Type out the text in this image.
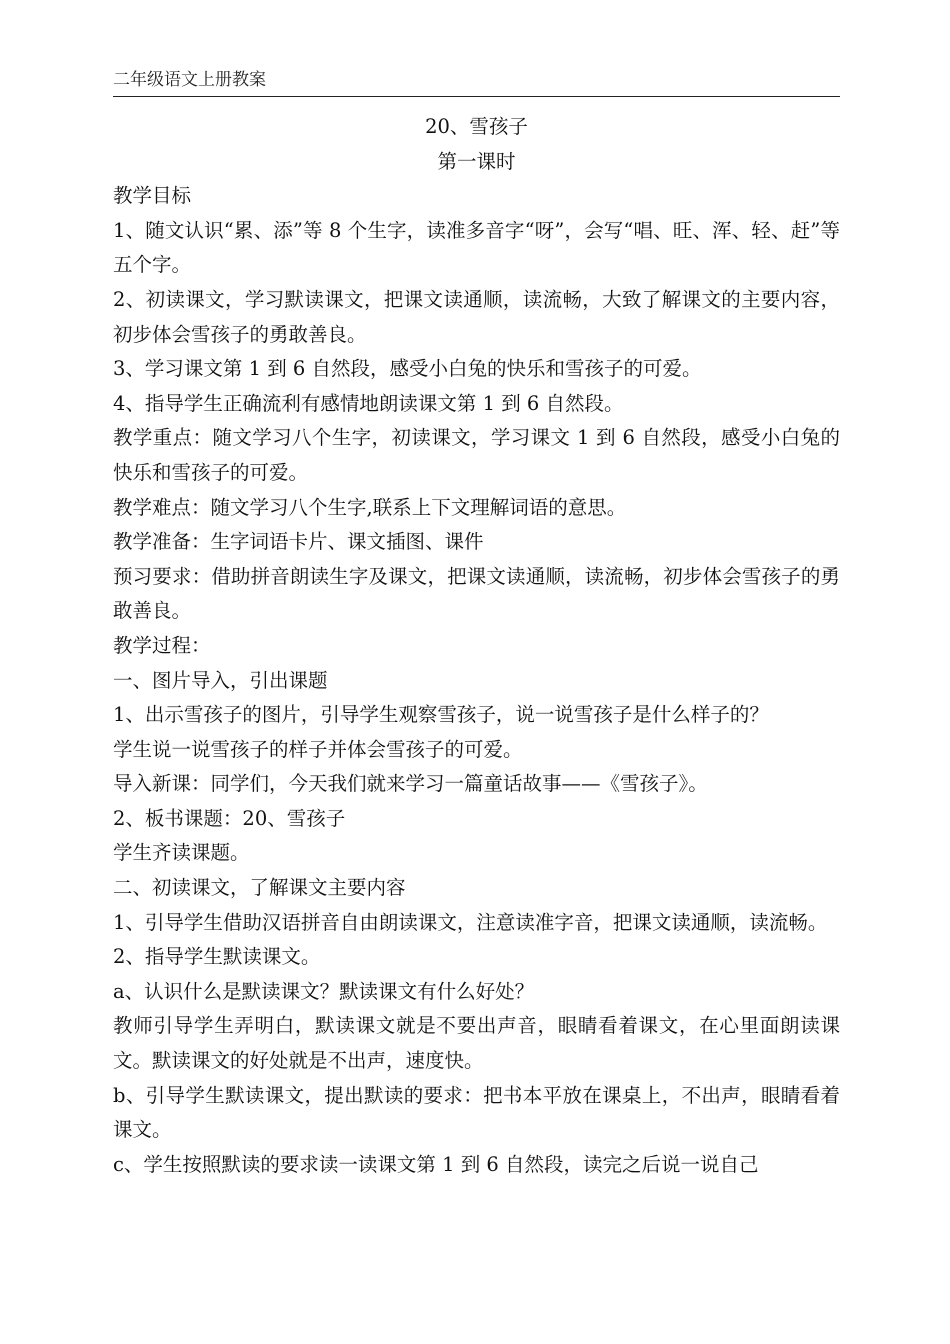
二年级语文上册教案

20、雪孩子

第一课时

教学目标

1、随文认识“累、添”等 8 个生字，读准多音字“呀”，会写“唱、旺、浑、轻、赶”等五个字。

2、初读课文，学习默读课文，把课文读通顺，读流畅，大致了解课文的主要内容，初步体会雪孩子的勇敢善良。

3、学习课文第 1 到 6 自然段，感受小白兔的快乐和雪孩子的可爱。

4、指导学生正确流利有感情地朗读课文第 1 到 6 自然段。

教学重点：随文学习八个生字，初读课文，学习课文 1 到 6 自然段，感受小白兔的快乐和雪孩子的可爱。

教学难点：随文学习八个生字,联系上下文理解词语的意思。

教学准备：生字词语卡片、课文插图、课件

预习要求：借助拼音朗读生字及课文，把课文读通顺，读流畅，初步体会雪孩子的勇敢善良。

教学过程：

一、图片导入，引出课题

1、出示雪孩子的图片，引导学生观察雪孩子，说一说雪孩子是什么样子的？

学生说一说雪孩子的样子并体会雪孩子的可爱。

导入新课：同学们，今天我们就来学习一篇童话故事——《雪孩子》。

2、板书课题：20、雪孩子

学生齐读课题。

二、初读课文，了解课文主要内容

1、引导学生借助汉语拼音自由朗读课文，注意读准字音，把课文读通顺，读流畅。

2、指导学生默读课文。

a、认识什么是默读课文？默读课文有什么好处？

教师引导学生弄明白，默读课文就是不要出声音，眼睛看着课文，在心里面朗读课文。默读课文的好处就是不出声，速度快。

b、引导学生默读课文，提出默读的要求：把书本平放在课桌上，不出声，眼睛看着课文。

c、学生按照默读的要求读一读课文第 1 到 6 自然段，读完之后说一说自己
